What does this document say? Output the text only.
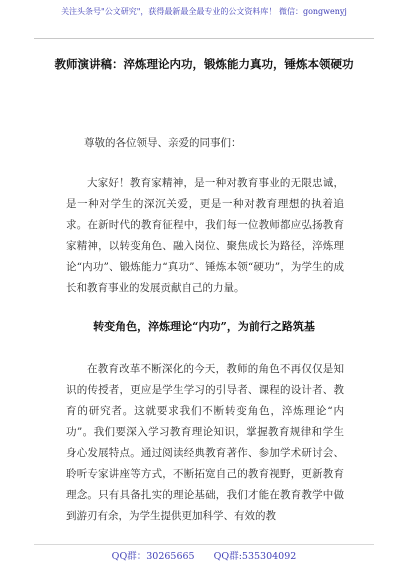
关注头条号"公文研究"，获得最新最全最专业的公文资料库！ 微信：gongwenyj
教师演讲稿：淬炼理论内功，锻炼能力真功，锤炼本领硬功
尊敬的各位领导、亲爱的同事们：
大家好！教育家精神，是一种对教育事业的无限忠诚，是一种对学生的深沉关爱，更是一种对教育理想的执着追求。在新时代的教育征程中，我们每一位教师都应弘扬教育家精神，以转变角色、融入岗位、聚焦成长为路径，淬炼理论“内功”、锻炼能力“真功”、锤炼本领“硬功”，为学生的成长和教育事业的发展贡献自己的力量。
转变角色，淬炼理论“内功”，为前行之路筑基
在教育改革不断深化的今天，教师的角色不再仅仅是知识的传授者，更应是学生学习的引导者、课程的设计者、教育的研究者。这就要求我们不断转变角色，淬炼理论“内功”。我们要深入学习教育理论知识，掌握教育规律和学生身心发展特点。通过阅读经典教育著作、参加学术研讨会、聆听专家讲座等方式，不断拓宽自己的教育视野，更新教育理念。只有具备扎实的理论基础，我们才能在教育教学中做到游刃有余，为学生提供更加科学、有效的教
QQ群：30265665 QQ群:535304092
